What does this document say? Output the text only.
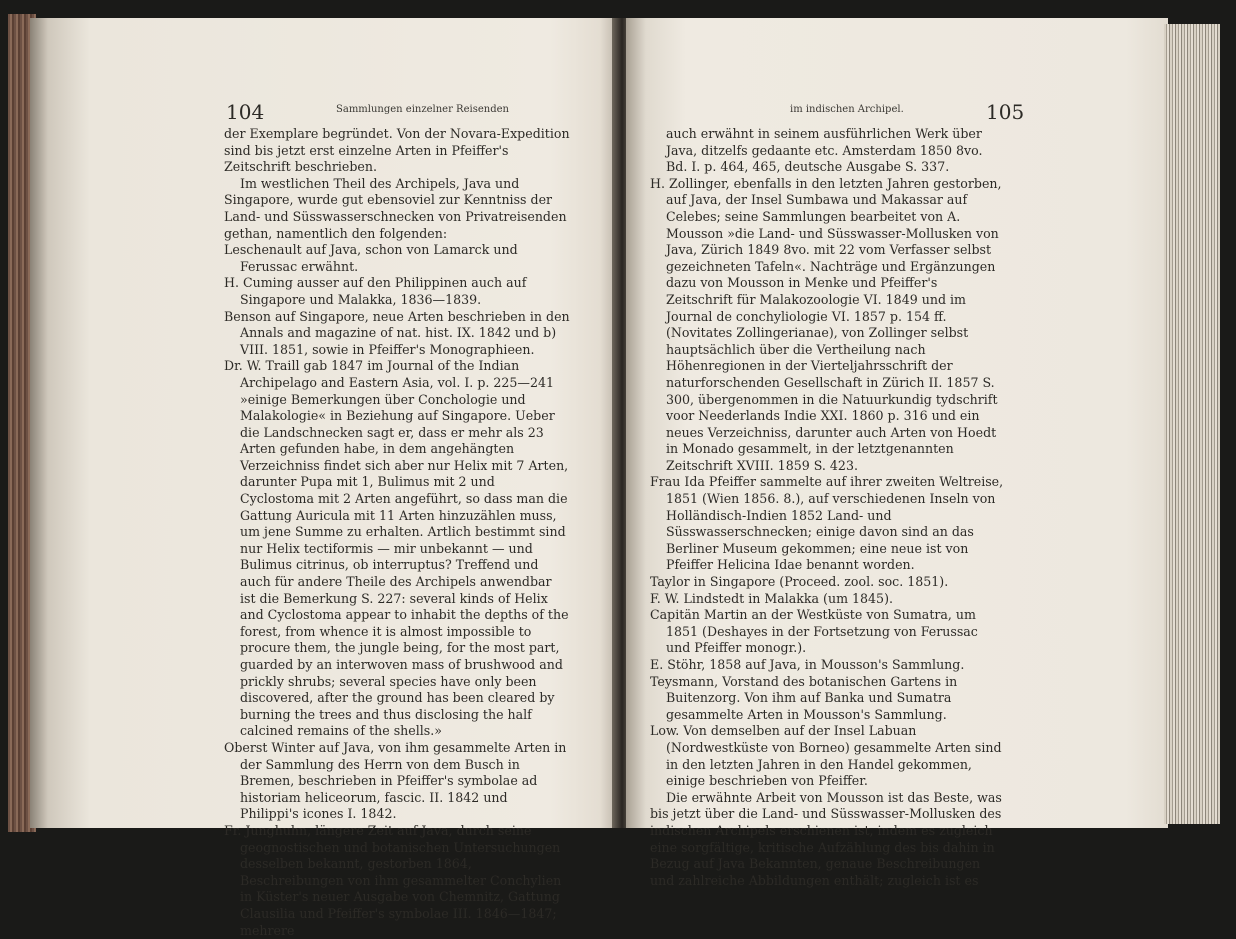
104	Sammlungen einzelner Reisenden

der Exemplare begründet. Von der Novara-Expedition sind bis jetzt erst einzelne Arten in Pfeiffer's Zeitschrift beschrieben.

Im westlichen Theil des Archipels, Java und Singapore, wurde gut ebensoviel zur Kenntniss der Land- und Süsswasserschnecken von Privatreisenden gethan, namentlich den folgenden:

Leschenault auf Java, schon von Lamarck und Ferussac erwähnt.

H. Cuming ausser auf den Philippinen auch auf Singapore und Malakka, 1836—1839.

Benson auf Singapore, neue Arten beschrieben in den Annals and magazine of nat. hist. IX. 1842 und b) VIII. 1851, sowie in Pfeiffer's Monographieen.

Dr. W. Traill gab 1847 im Journal of the Indian Archipelago and Eastern Asia, vol. I. p. 225—241 »einige Bemerkungen über Conchologie und Malakologie« in Beziehung auf Singapore. Ueber die Landschnecken sagt er, dass er mehr als 23 Arten gefunden habe, in dem angehängten Verzeichniss findet sich aber nur Helix mit 7 Arten, darunter Pupa mit 1, Bulimus mit 2 und Cyclostoma mit 2 Arten angeführt, so dass man die Gattung Auricula mit 11 Arten hinzuzählen muss, um jene Summe zu erhalten. Artlich bestimmt sind nur Helix tectiformis — mir unbekannt — und Bulimus citrinus, ob interruptus? Treffend und auch für andere Theile des Archipels anwendbar ist die Bemerkung S. 227: several kinds of Helix and Cyclostoma appear to inhabit the depths of the forest, from whence it is almost impossible to procure them, the jungle being, for the most part, guarded by an interwoven mass of brushwood and prickly shrubs; several species have only been discovered, after the ground has been cleared by burning the trees and thus disclosing the half calcined remains of the shells.»

Oberst Winter auf Java, von ihm gesammelte Arten in der Sammlung des Herrn von dem Busch in Bremen, beschrieben in Pfeiffer's symbolae ad historiam heliceorum, fascic. II. 1842 und Philippi's icones I. 1842.

Fr. Junghuhn, längere Zeit auf Java, durch seine geognostischen und botanischen Untersuchungen desselben bekannt, gestorben 1864, Beschreibungen von ihm gesammelter Conchylien in Küster's neuer Ausgabe von Chemnitz, Gattung Clausilia und Pfeiffer's symbolae III. 1846—1847; mehrere

im indischen Archipel.	105

auch erwähnt in seinem ausführlichen Werk über Java, ditzelfs gedaante etc. Amsterdam 1850 8vo. Bd. I. p. 464, 465, deutsche Ausgabe S. 337.

H. Zollinger, ebenfalls in den letzten Jahren gestorben, auf Java, der Insel Sumbawa und Makassar auf Celebes; seine Sammlungen bearbeitet von A. Mousson »die Land- und Süsswasser-Mollusken von Java, Zürich 1849 8vo. mit 22 vom Verfasser selbst gezeichneten Tafeln«. Nachträge und Ergänzungen dazu von Mousson in Menke und Pfeiffer's Zeitschrift für Malakozoologie VI. 1849 und im Journal de conchyliologie VI. 1857 p. 154 ff. (Novitates Zollingerianae), von Zollinger selbst hauptsächlich über die Vertheilung nach Höhenregionen in der Vierteljahrsschrift der naturforschenden Gesellschaft in Zürich II. 1857 S. 300, übergenommen in die Natuurkundig tydschrift voor Neederlands Indie XXI. 1860 p. 316 und ein neues Verzeichniss, darunter auch Arten von Hoedt in Monado gesammelt, in der letztgenannten Zeitschrift XVIII. 1859 S. 423.

Frau Ida Pfeiffer sammelte auf ihrer zweiten Weltreise, 1851 (Wien 1856. 8.), auf verschiedenen Inseln von Holländisch-Indien 1852 Land- und Süsswasserschnecken; einige davon sind an das Berliner Museum gekommen; eine neue ist von Pfeiffer Helicina Idae benannt worden.

Taylor in Singapore (Proceed. zool. soc. 1851).

F. W. Lindstedt in Malakka (um 1845).

Capitän Martin an der Westküste von Sumatra, um 1851 (Deshayes in der Fortsetzung von Ferussac und Pfeiffer monogr.).

E. Stöhr, 1858 auf Java, in Mousson's Sammlung.

Teysmann, Vorstand des botanischen Gartens in Buitenzorg. Von ihm auf Banka und Sumatra gesammelte Arten in Mousson's Sammlung.

Low. Von demselben auf der Insel Labuan (Nordwestküste von Borneo) gesammelte Arten sind in den letzten Jahren in den Handel gekommen, einige beschrieben von Pfeiffer.

Die erwähnte Arbeit von Mousson ist das Beste, was bis jetzt über die Land- und Süsswasser-Mollusken des indischen Archipels erschienen ist, indem es zugleich eine sorgfältige, kritische Aufzählung des bis dahin in Bezug auf Java Bekannten, genaue Beschreibungen und zahlreiche Abbildungen enthält; zugleich ist es
